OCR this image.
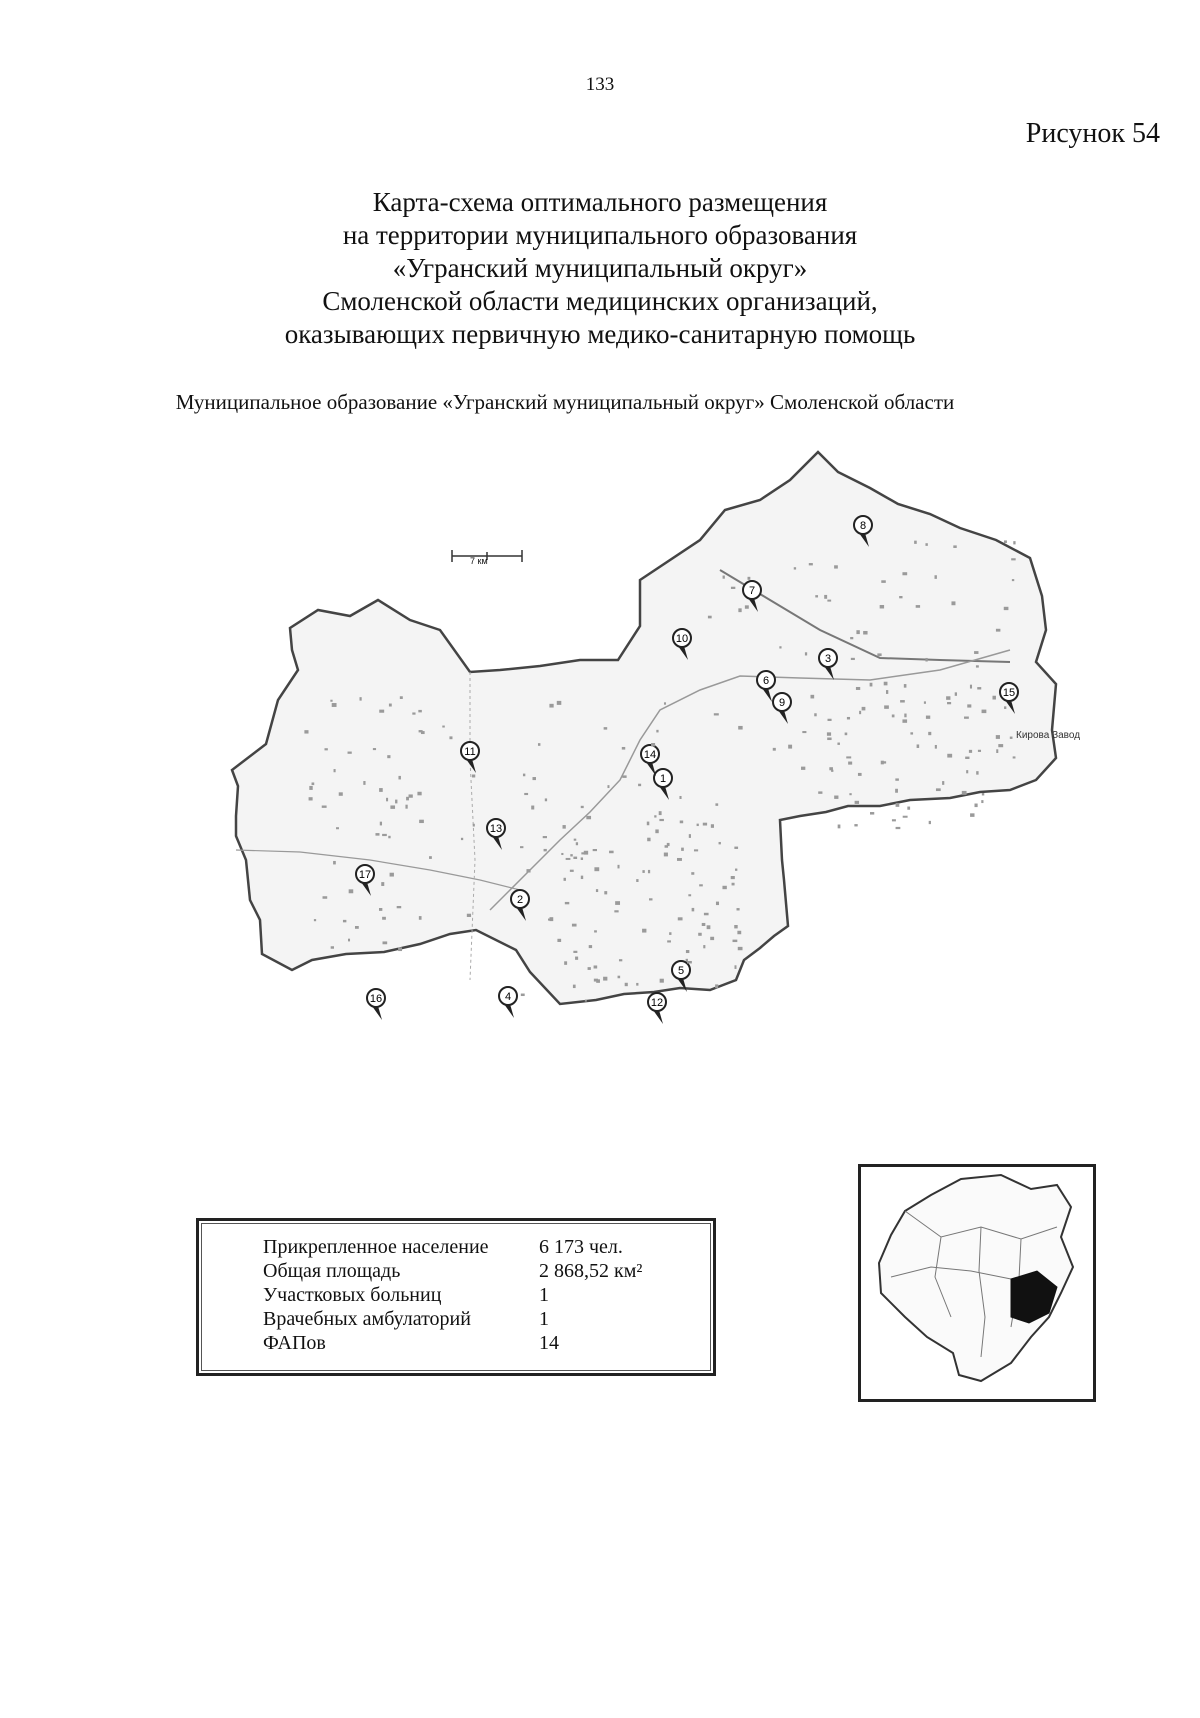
133
Рисунок 54
Карта-схема оптимального размещения
на территории муниципального образования
«Угранский муниципальный округ»
Смоленской области медицинских организаций,
оказывающих первичную медико-санитарную помощь
Муниципальное образование «Угранский муниципальный округ» Смоленской области
1
2
3
4
5
6
7
8
9
10
11
12
13
14
15
16
17
Кирова Завод
7 км
Прикрепленное население	6 173 чел.
Общая площадь	2 868,52 км²
Участковых больниц	1
Врачебных амбулаторий	1
ФАПов	14
